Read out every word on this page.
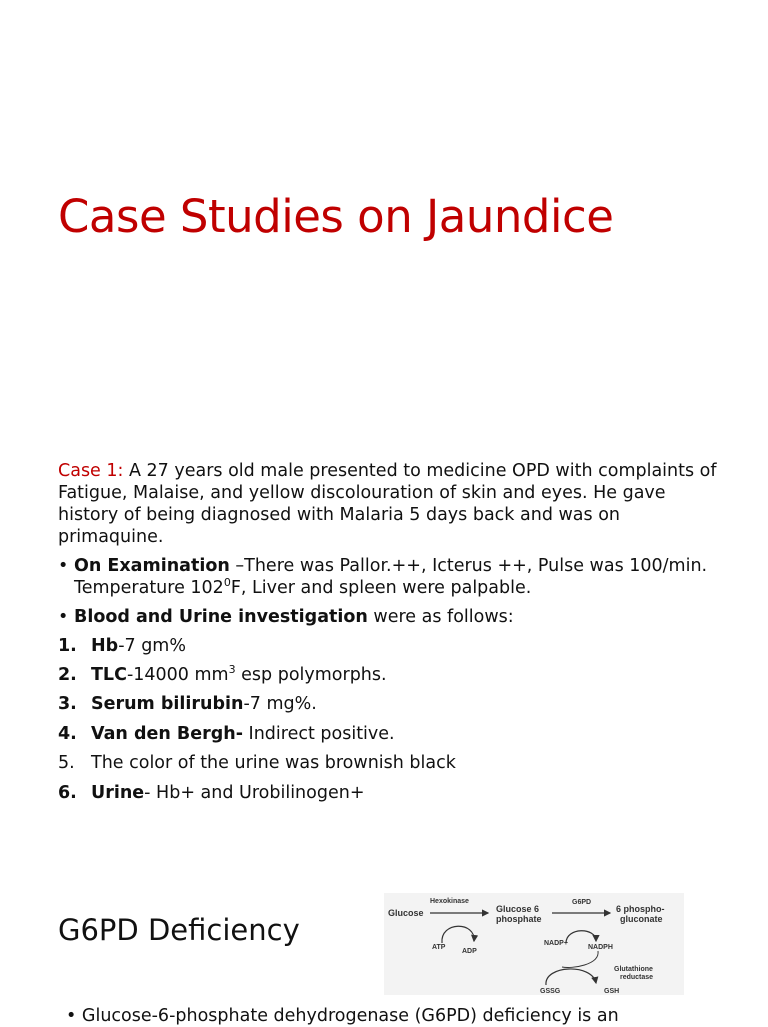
Case Studies on Jaundice
Case 1: A 27 years old male presented to medicine OPD with complaints of Fatigue, Malaise, and yellow discolouration of skin and eyes. He gave history of being diagnosed with Malaria 5 days back and was on primaquine.
• On Examination –There was Pallor.++, Icterus ++, Pulse was 100/min. Temperature $102^0F$, Liver and spleen were palpable.
• Blood and Urine investigation were as follows:
1. Hb-7 gm%
2. TLC-14000 $mm^3$ esp polymorphs.
3. Serum bilirubin-7 mg%.
4. Van den Bergh- Indirect positive.
5. The color of the urine was brownish black
6. Urine- Hb+ and Urobilinogen+
G6PD Deficiency
Hexokinase
Glucose	Glucose 6
phosphate
G6PD
6 phospho-
gluconate
ATP
ADP
NADP+
NADPH
Glutathione
reductase
GSSG	GSH
• Glucose-6-phosphate dehydrogenase (G6PD) deficiency is an
